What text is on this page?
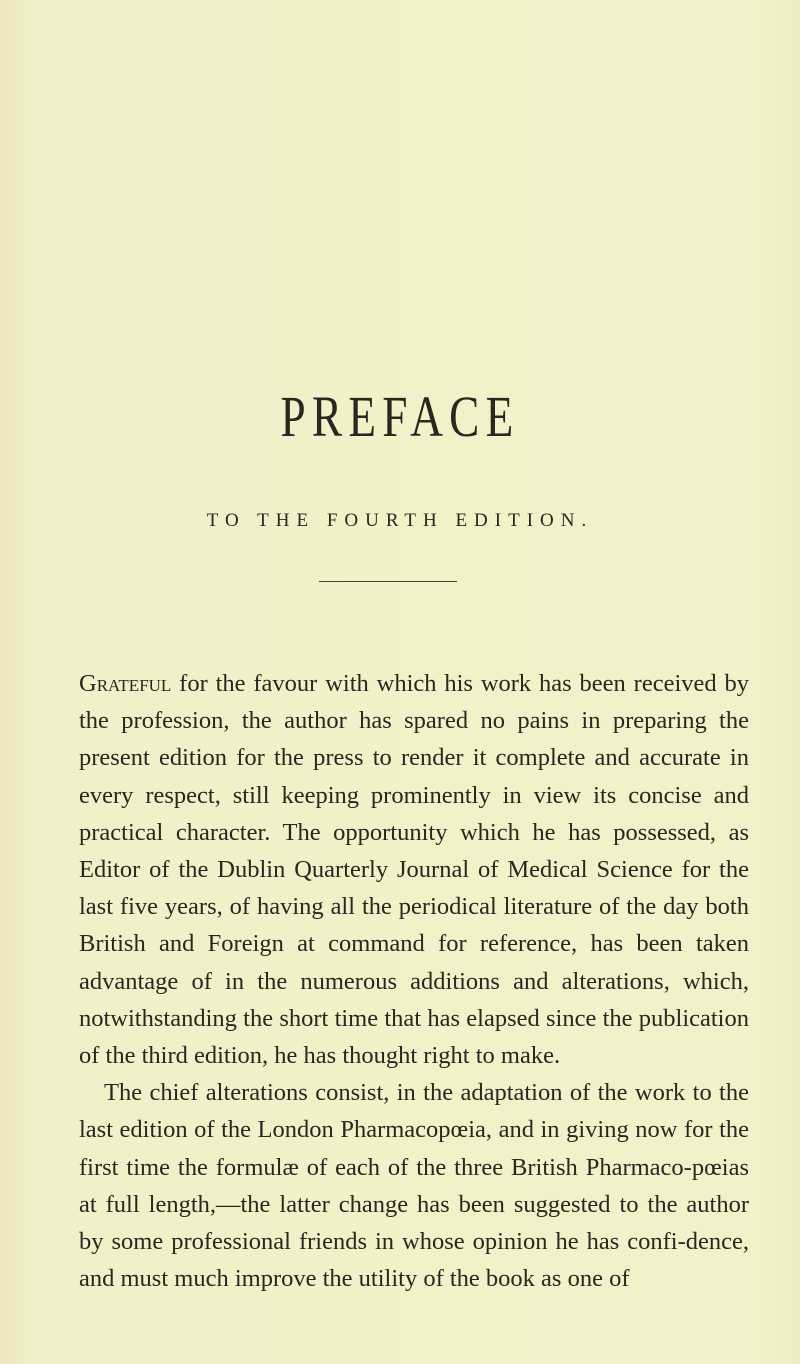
PREFACE
TO THE FOURTH EDITION.

Grateful for the favour with which his work has been received by the profession, the author has spared no pains in preparing the present edition for the press to render it complete and accurate in every respect, still keeping prominently in view its concise and practical character. The opportunity which he has possessed, as Editor of the Dublin Quarterly Journal of Medical Science for the last five years, of having all the periodical literature of the day both British and Foreign at command for reference, has been taken advantage of in the numerous additions and alterations, which, notwithstanding the short time that has elapsed since the publication of the third edition, he has thought right to make.

The chief alterations consist, in the adaptation of the work to the last edition of the London Pharmacopœia, and in giving now for the first time the formulæ of each of the three British Pharmaco-pœias at full length,—the latter change has been suggested to the author by some professional friends in whose opinion he has confi-dence, and must much improve the utility of the book as one of
